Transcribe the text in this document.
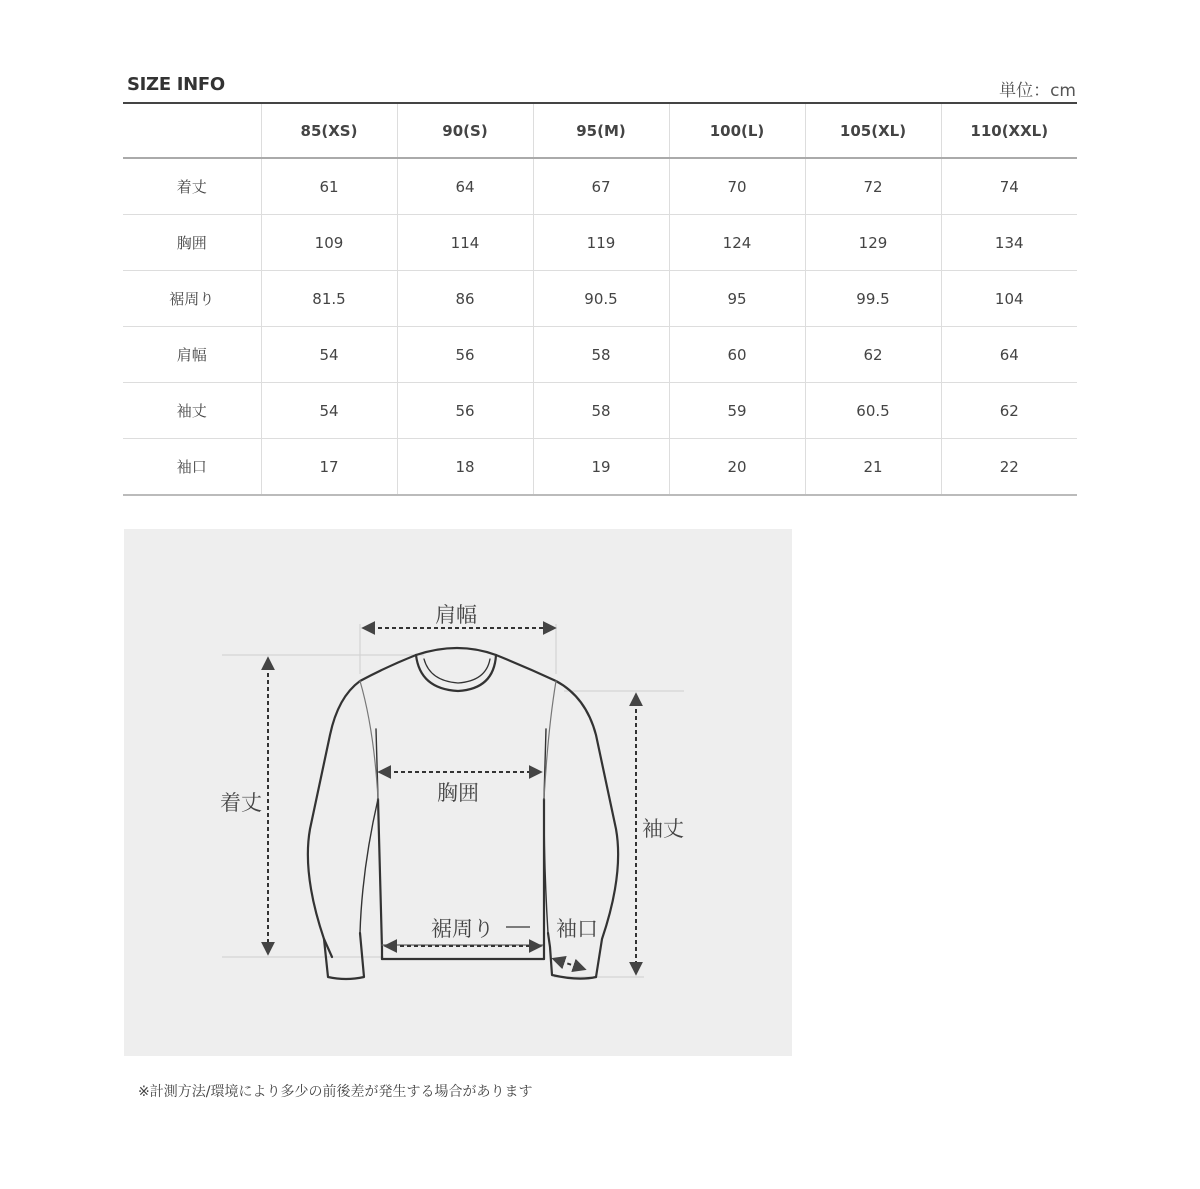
SIZE INFO	単位：cm
	85(XS)	90(S)	95(M)	100(L)	105(XL)	110(XXL)
着丈	61	64	67	70	72	74
胸囲	109	114	119	124	129	134
裾周り	81.5	86	90.5	95	99.5	104
肩幅	54	56	58	60	62	64
袖丈	54	56	58	59	60.5	62
袖口	17	18	19	20	21	22
肩幅
着丈	胸囲
袖丈
裾周り	袖口
※計測方法/環境により多少の前後差が発生する場合があります
